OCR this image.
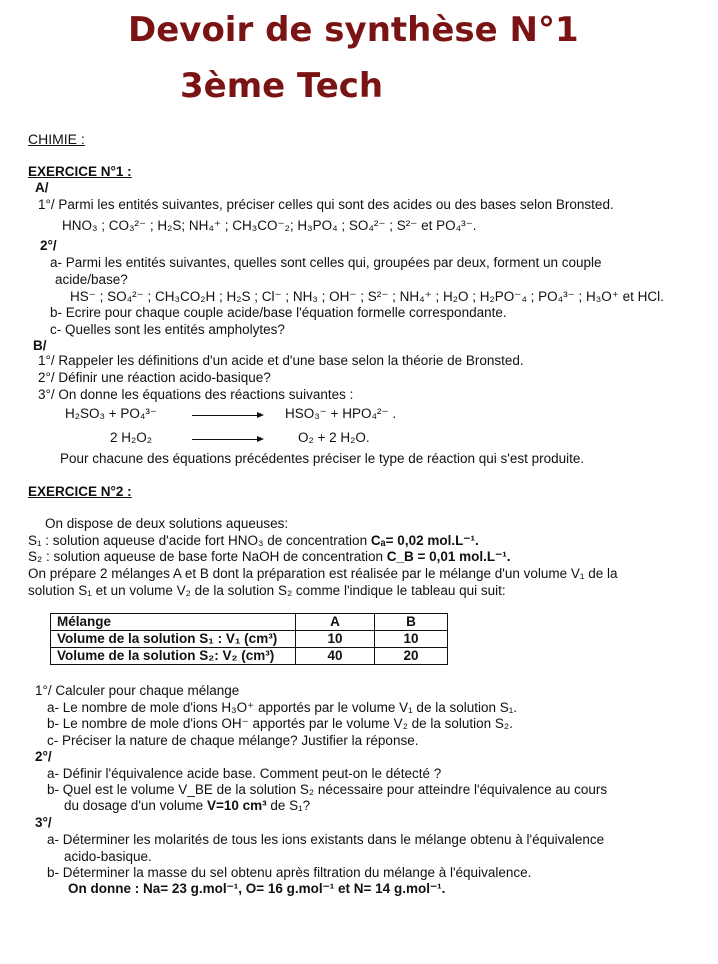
Devoir de synthèse N°1
3ème Tech
CHIMIE :
EXERCICE N°1 :
A/
1°/ Parmi les entités suivantes, préciser celles qui sont des acides ou des bases selon Bronsted.
HNO₃ ; CO₃²⁻ ; H₂S; NH₄⁺ ; CH₃CO⁻₂; H₃PO₄ ; SO₄²⁻ ; S²⁻ et PO₄³⁻.
2°/
a- Parmi les entités suivantes, quelles sont celles qui, groupées par deux, forment un couple
acide/base?
HS⁻ ; SO₄²⁻ ; CH₃CO₂H ; H₂S ; Cl⁻ ; NH₃ ; OH⁻ ; S²⁻ ; NH₄⁺ ; H₂O ; H₂PO⁻₄ ; PO₄³⁻ ; H₃O⁺ et HCl.
b- Ecrire pour chaque couple acide/base l'équation formelle correspondante.
c- Quelles sont les entités ampholytes?
B/
1°/ Rappeler les définitions d'un acide et d'une base selon la théorie de Bronsted.
2°/ Définir une réaction acido-basique?
3°/ On donne les équations des réactions suivantes :
H₂SO₃ + PO₄³⁻	HSO₃⁻ + HPO₄²⁻ .
2 H₂O₂	O₂ + 2 H₂O.
Pour chacune des équations précédentes préciser le type de réaction qui s'est produite.
EXERCICE N°2 :
On dispose de deux solutions aqueuses:
S₁ : solution aqueuse d'acide fort HNO₃ de concentration Cₐ= 0,02 mol.L⁻¹.
S₂ : solution aqueuse de base forte NaOH de concentration C_B = 0,01 mol.L⁻¹.
On prépare 2 mélanges A et B dont la préparation est réalisée par le mélange d'un volume V₁ de la
solution S₁ et un volume V₂ de la solution S₂ comme l'indique le tableau qui suit:
Mélange	A	B
Volume de la solution S₁ : V₁ (cm³)	10	10
Volume de la solution S₂: V₂ (cm³)	40	20
1°/ Calculer pour chaque mélange
a- Le nombre de mole d'ions H₃O⁺ apportés par le volume V₁ de la solution S₁.
b- Le nombre de mole d'ions OH⁻ apportés par le volume V₂ de la solution S₂.
c- Préciser la nature de chaque mélange? Justifier la réponse.
2°/
a- Définir l'équivalence acide base. Comment peut-on le détecté ?
b- Quel est le volume V_BE de la solution S₂ nécessaire pour atteindre l'équivalence au cours
du dosage d'un volume V=10 cm³ de S₁?
3°/
a- Déterminer les molarités de tous les ions existants dans le mélange obtenu à l'équivalence
acido-basique.
b- Déterminer la masse du sel obtenu après filtration du mélange à l'équivalence.
On donne : Na= 23 g.mol⁻¹, O= 16 g.mol⁻¹ et N= 14 g.mol⁻¹.
